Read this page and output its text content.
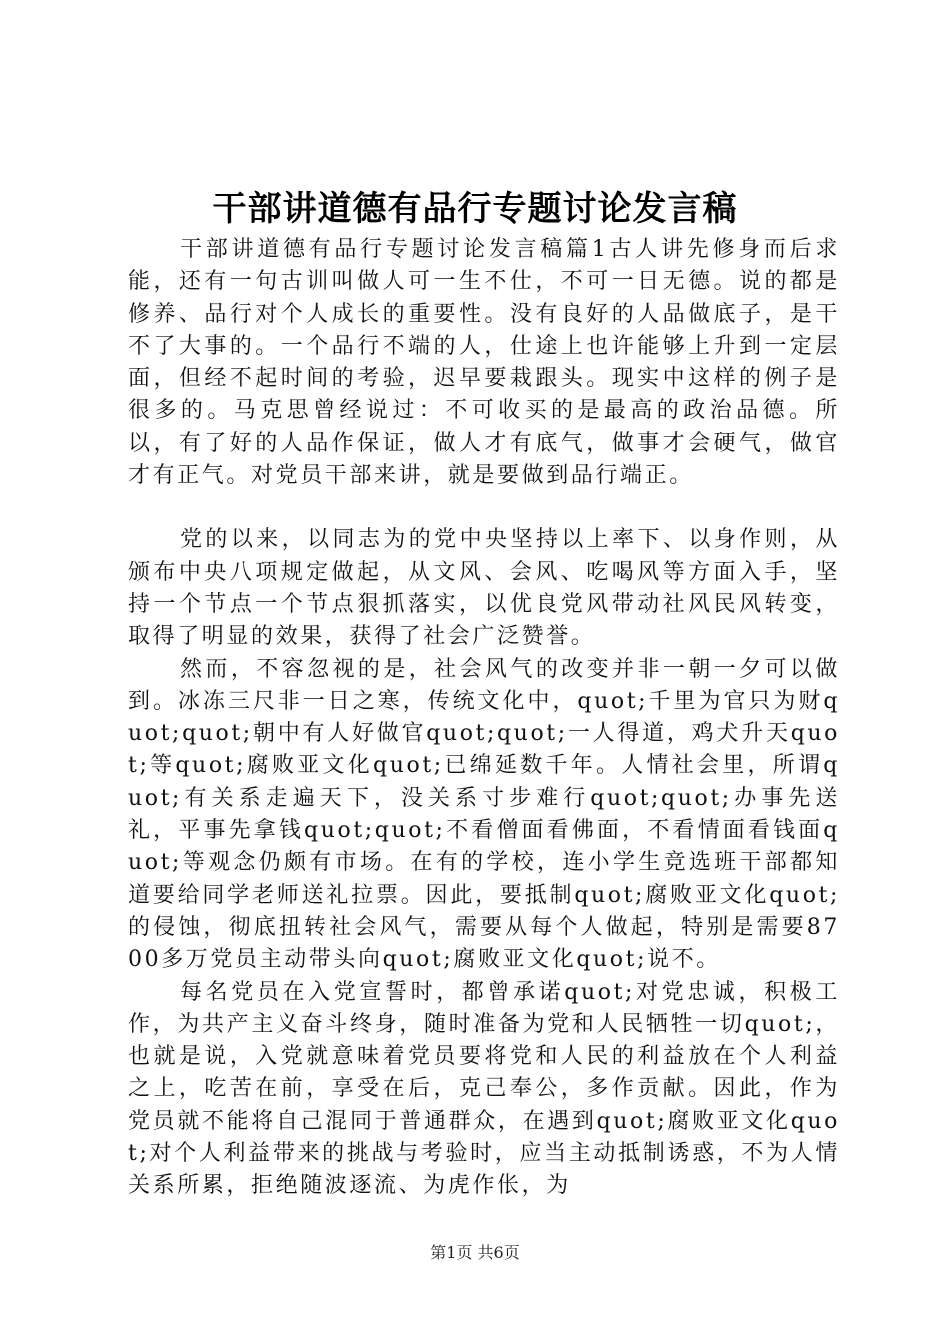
干部讲道德有品行专题讨论发言稿

干部讲道德有品行专题讨论发言稿篇1古人讲先修身而后求能，还有一句古训叫做人可一生不仕，不可一日无德。说的都是修养、品行对个人成长的重要性。没有良好的人品做底子，是干不了大事的。一个品行不端的人，仕途上也许能够上升到一定层面，但经不起时间的考验，迟早要栽跟头。现实中这样的例子是很多的。马克思曾经说过：不可收买的是最高的政治品德。所以，有了好的人品作保证，做人才有底气，做事才会硬气，做官才有正气。对党员干部来讲，就是要做到品行端正。

党的以来，以同志为的党中央坚持以上率下、以身作则，从颁布中央八项规定做起，从文风、会风、吃喝风等方面入手，坚持一个节点一个节点狠抓落实，以优良党风带动社风民风转变，取得了明显的效果，获得了社会广泛赞誉。

然而，不容忽视的是，社会风气的改变并非一朝一夕可以做到。冰冻三尺非一日之寒，传统文化中，quot;千里为官只为财quot;quot;朝中有人好做官quot;quot;一人得道，鸡犬升天quot;等quot;腐败亚文化quot;已绵延数千年。人情社会里，所谓quot;有关系走遍天下，没关系寸步难行quot;quot;办事先送礼，平事先拿钱quot;quot;不看僧面看佛面，不看情面看钱面quot;等观念仍颇有市场。在有的学校，连小学生竞选班干部都知道要给同学老师送礼拉票。因此，要抵制quot;腐败亚文化quot;的侵蚀，彻底扭转社会风气，需要从每个人做起，特别是需要8700多万党员主动带头向quot;腐败亚文化quot;说不。

每名党员在入党宣誓时，都曾承诺quot;对党忠诚，积极工作，为共产主义奋斗终身，随时准备为党和人民牺牲一切quot;，也就是说，入党就意味着党员要将党和人民的利益放在个人利益之上，吃苦在前，享受在后，克己奉公，多作贡献。因此，作为党员就不能将自己混同于普通群众，在遇到quot;腐败亚文化quot;对个人利益带来的挑战与考验时，应当主动抵制诱惑，不为人情关系所累，拒绝随波逐流、为虎作伥，为

第1页 共6页
